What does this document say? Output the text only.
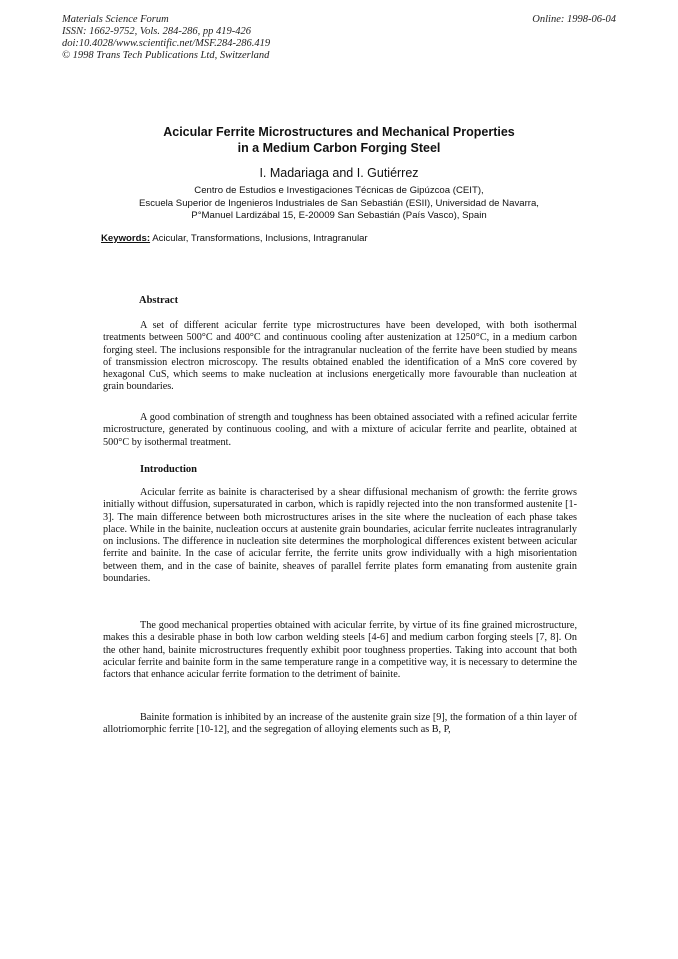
Materials Science Forum
ISSN: 1662-9752, Vols. 284-286, pp 419-426
doi:10.4028/www.scientific.net/MSF.284-286.419
© 1998 Trans Tech Publications Ltd, Switzerland
Online: 1998-06-04
Acicular Ferrite Microstructures and Mechanical Properties
in a Medium Carbon Forging Steel
I. Madariaga and I. Gutiérrez
Centro de Estudios e Investigaciones Técnicas de Gipúzcoa (CEIT),
Escuela Superior de Ingenieros Industriales de San Sebastián (ESII), Universidad de Navarra,
P°Manuel Lardizábal 15, E-20009 San Sebastián (País Vasco), Spain
Keywords: Acicular, Transformations, Inclusions, Intragranular
Abstract

A set of different acicular ferrite type microstructures have been developed, with both isothermal treatments between 500°C and 400°C and continuous cooling after austenization at 1250°C, in a medium carbon forging steel. The inclusions responsible for the intragranular nucleation of the ferrite have been studied by means of transmission electron microscopy. The results obtained enabled the identification of a MnS core covered by hexagonal CuS, which seems to make nucleation at inclusions energetically more favourable than nucleation at grain boundaries.

A good combination of strength and toughness has been obtained associated with a refined acicular ferrite microstructure, generated by continuous cooling, and with a mixture of acicular ferrite and pearlite, obtained at 500°C by isothermal treatment.

Introduction

Acicular ferrite as bainite is characterised by a shear diffusional mechanism of growth: the ferrite grows initially without diffusion, supersaturated in carbon, which is rapidly rejected into the non transformed austenite [1-3]. The main difference between both microstructures arises in the site where the nucleation of each phase takes place. While in the bainite, nucleation occurs at austenite grain boundaries, acicular ferrite nucleates intragranularly on inclusions. The difference in nucleation site determines the morphological differences existent between acicular ferrite and bainite. In the case of acicular ferrite, the ferrite units grow individually with a high misorientation between them, and in the case of bainite, sheaves of parallel ferrite plates form emanating from austenite grain boundaries.

The good mechanical properties obtained with acicular ferrite, by virtue of its fine grained microstructure, makes this a desirable phase in both low carbon welding steels [4-6] and medium carbon forging steels [7, 8]. On the other hand, bainite microstructures frequently exhibit poor toughness properties. Taking into account that both acicular ferrite and bainite form in the same temperature range in a competitive way, it is necessary to determine the factors that enhance acicular ferrite formation to the detriment of bainite.

Bainite formation is inhibited by an increase of the austenite grain size [9], the formation of a thin layer of allotriomorphic ferrite [10-12], and the segregation of alloying elements such as B, P,
